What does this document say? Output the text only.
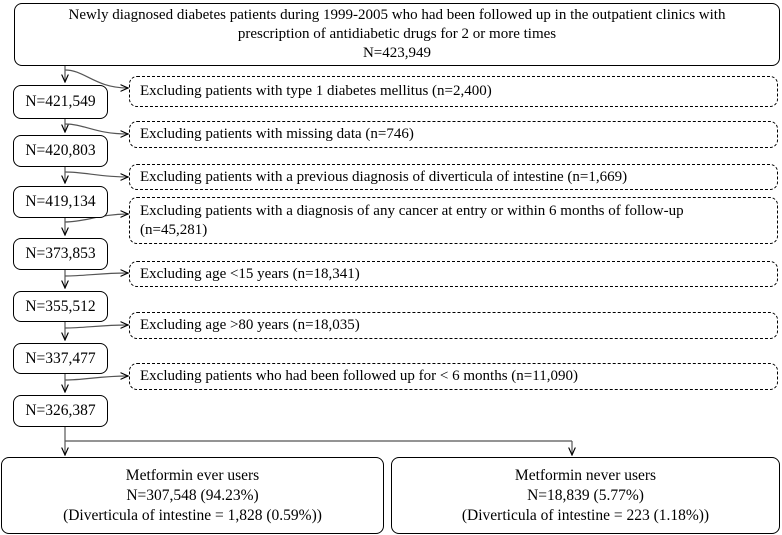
Newly diagnosed diabetes patients during 1999-2005 who had been followed up in the outpatient clinics with
prescription of antidiabetic drugs for 2 or more times
N=423,949
N=421,549
N=420,803
N=419,134
N=373,853
N=355,512
N=337,477
N=326,387
Excluding patients with type 1 diabetes mellitus (n=2,400)
Excluding patients with missing data (n=746)
Excluding patients with a previous diagnosis of diverticula of intestine (n=1,669)
Excluding patients with a diagnosis of any cancer at entry or within 6 months of follow-up (n=45,281)
Excluding age <15 years (n=18,341)
Excluding age >80 years (n=18,035)
Excluding patients who had been followed up for < 6 months (n=11,090)
Metformin ever users
N=307,548 (94.23%)
(Diverticula of intestine = 1,828 (0.59%))
Metformin never users
N=18,839 (5.77%)
(Diverticula of intestine = 223 (1.18%))
